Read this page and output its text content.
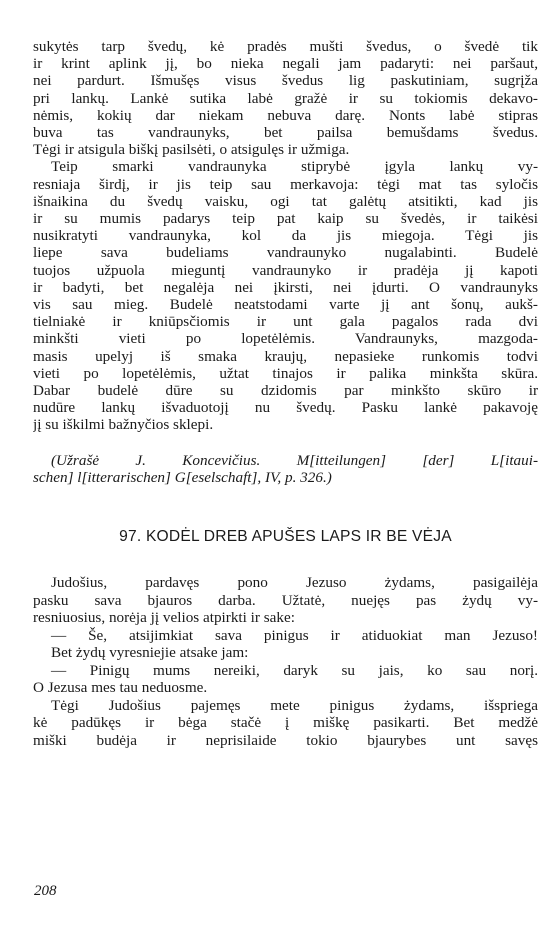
sukytės tarp švedų, kė pradės mušti švedus, o švedė tik
ir krint aplink jį, bo nieka negali jam padaryti: nei paršaut,
nei pardurt. Išmušęs visus švedus lig paskutiniam, sugrįža
pri lankų. Lankė sutika labė gražė ir su tokiomis dekavo-
nėmis, kokių dar niekam nebuva darę. Nonts labė stipras
buva tas vandraunyks, bet pailsa bemušdams švedus.
Tėgi ir atsigula biškį pasilsėti, o atsigulęs ir užmiga.
Teip smarki vandraunyka stiprybė įgyla lankų vy-
resniaja širdį, ir jis teip sau merkavoja: tėgi mat tas syločis
išnaikina du švedų vaisku, ogi tat galėtų atsitikti, kad jis
ir su mumis padarys teip pat kaip su švedės, ir taikėsi
nusikratyti vandraunyka, kol da jis miegoja. Tėgi jis
liepe sava budeliams vandraunyko nugalabinti. Budelė
tuojos užpuola mieguntį vandraunyko ir pradėja jį kapoti
ir badyti, bet negalėja nei įkirsti, nei įdurti. O vandraunyks
vis sau mieg. Budelė neatstodami varte jį ant šonų, aukš-
tielniakė ir kniūpsčiomis ir unt gala pagalos rada dvi
minkšti vieti po lopetėlėmis. Vandraunyks, mazgoda-
masis upelyj iš smaka kraujų, nepasieke runkomis todvi
vieti po lopetėlėmis, užtat tinajos ir palika minkšta skūra.
Dabar budelė dūre su dzidomis par minkšto skūro ir
nudūre lankų išvaduotojį nu švedų. Pasku lankė pakavoję
jį su iškilmi bažnyčios sklepi.
(Užrašė J. Koncevičius. M[itteilungen] [der] L[itaui-
schen] l[itterarischen] G[eselschaft], IV, p. 326.)
97. KODĖL DREB APUŠES LAPS IR BE VĖJA
Judošius, pardavęs pono Jezuso żydams, pasigailėja
pasku sava bjauros darba. Užtatė, nuejęs pas żydų vy-
resniuosius, norėja jį velios atpirkti ir sake:
— Še, atsijimkiat sava pinigus ir atiduokiat man Jezuso!
Bet żydų vyresniejie atsake jam:
— Pinigų mums nereiki, daryk su jais, ko sau norį.
O Jezusa mes tau neduosme.
Tėgi Judošius pajemęs mete pinigus żydams, išspriega
kė padūkęs ir bėga stačė į miškę pasikarti. Bet medžė
miški budėja ir neprisilaide tokio bjaurybes unt savęs
208
